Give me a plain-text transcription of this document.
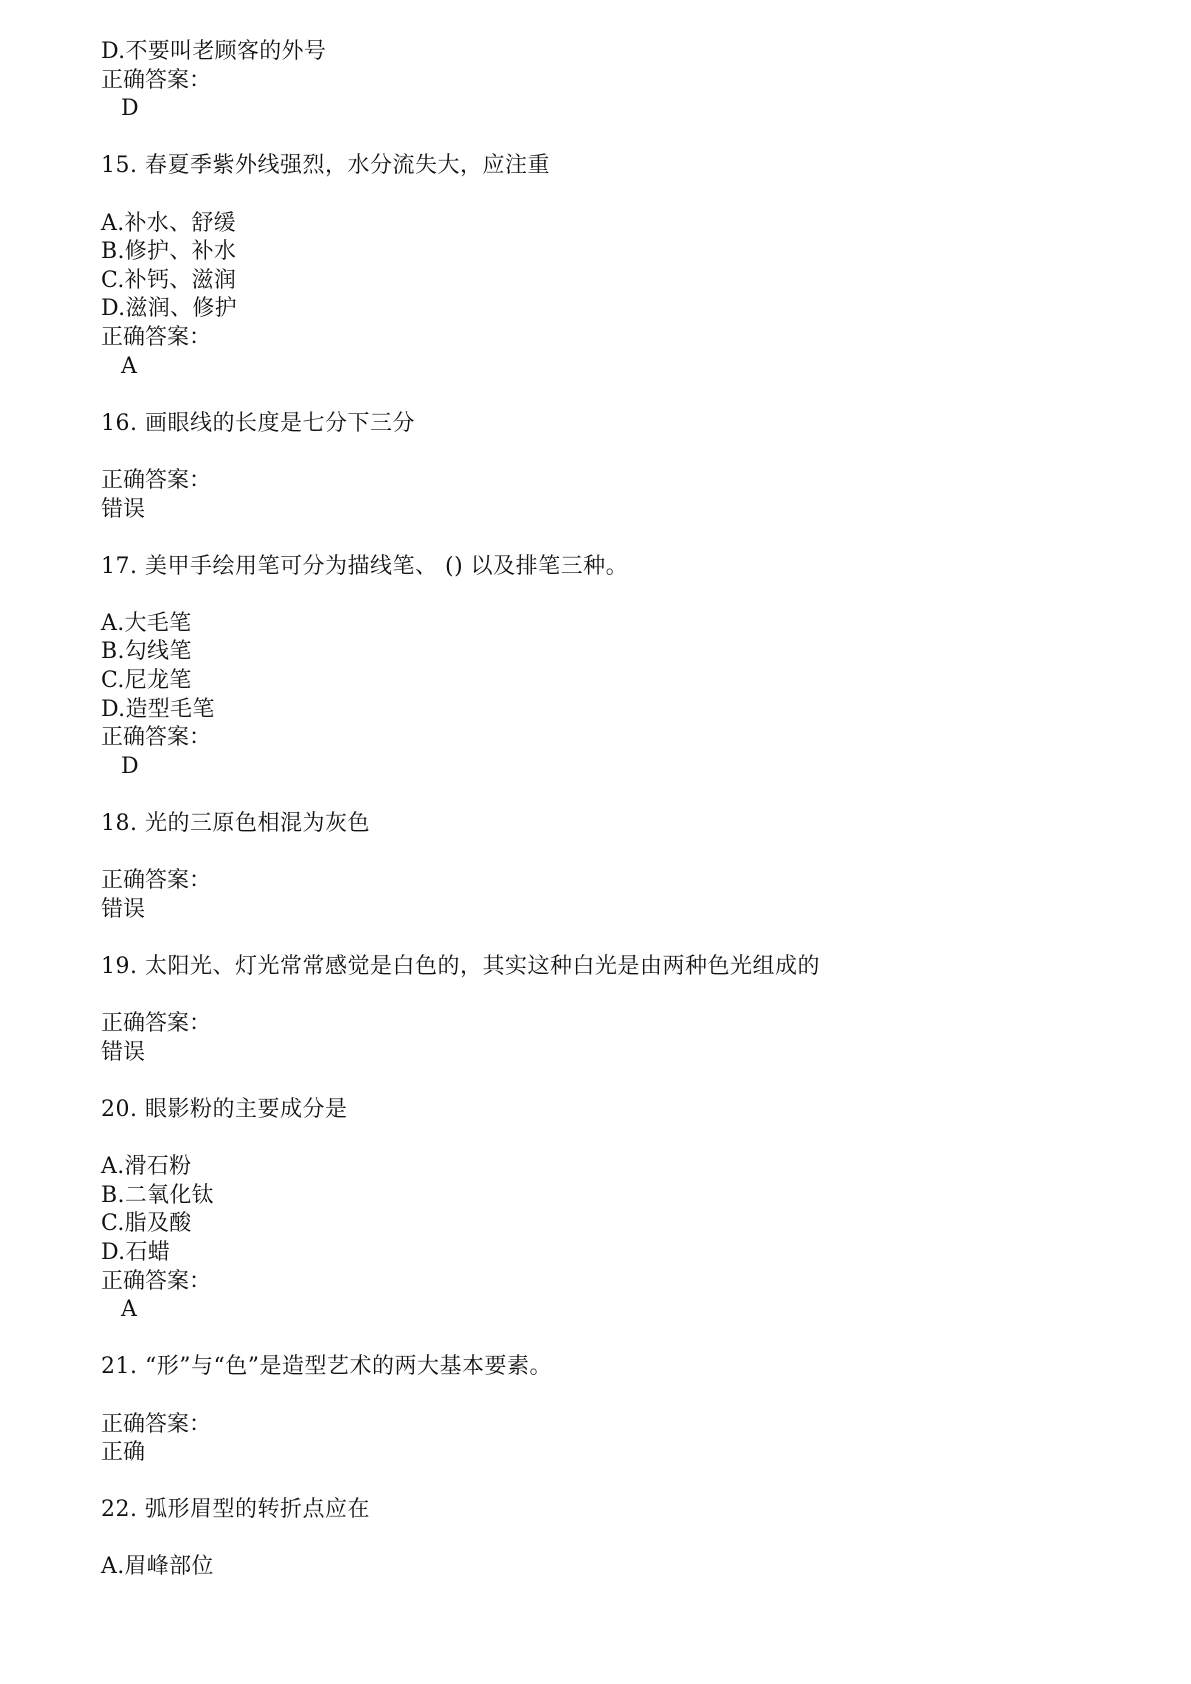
D.不要叫老顾客的外号
正确答案：
D
15. 春夏季紫外线强烈，水分流失大，应注重
A.补水、舒缓
B.修护、补水
C.补钙、滋润
D.滋润、修护
正确答案：
A
16. 画眼线的长度是七分下三分
正确答案：
错误
17. 美甲手绘用笔可分为描线笔、 () 以及排笔三种。
A.大毛笔
B.勾线笔
C.尼龙笔
D.造型毛笔
正确答案：
D
18. 光的三原色相混为灰色
正确答案：
错误
19. 太阳光、灯光常常感觉是白色的，其实这种白光是由两种色光组成的
正确答案：
错误
20. 眼影粉的主要成分是
A.滑石粉
B.二氧化钛
C.脂及酸
D.石蜡
正确答案：
A
21. “形”与“色”是造型艺术的两大基本要素。
正确答案：
正确
22. 弧形眉型的转折点应在
A.眉峰部位
